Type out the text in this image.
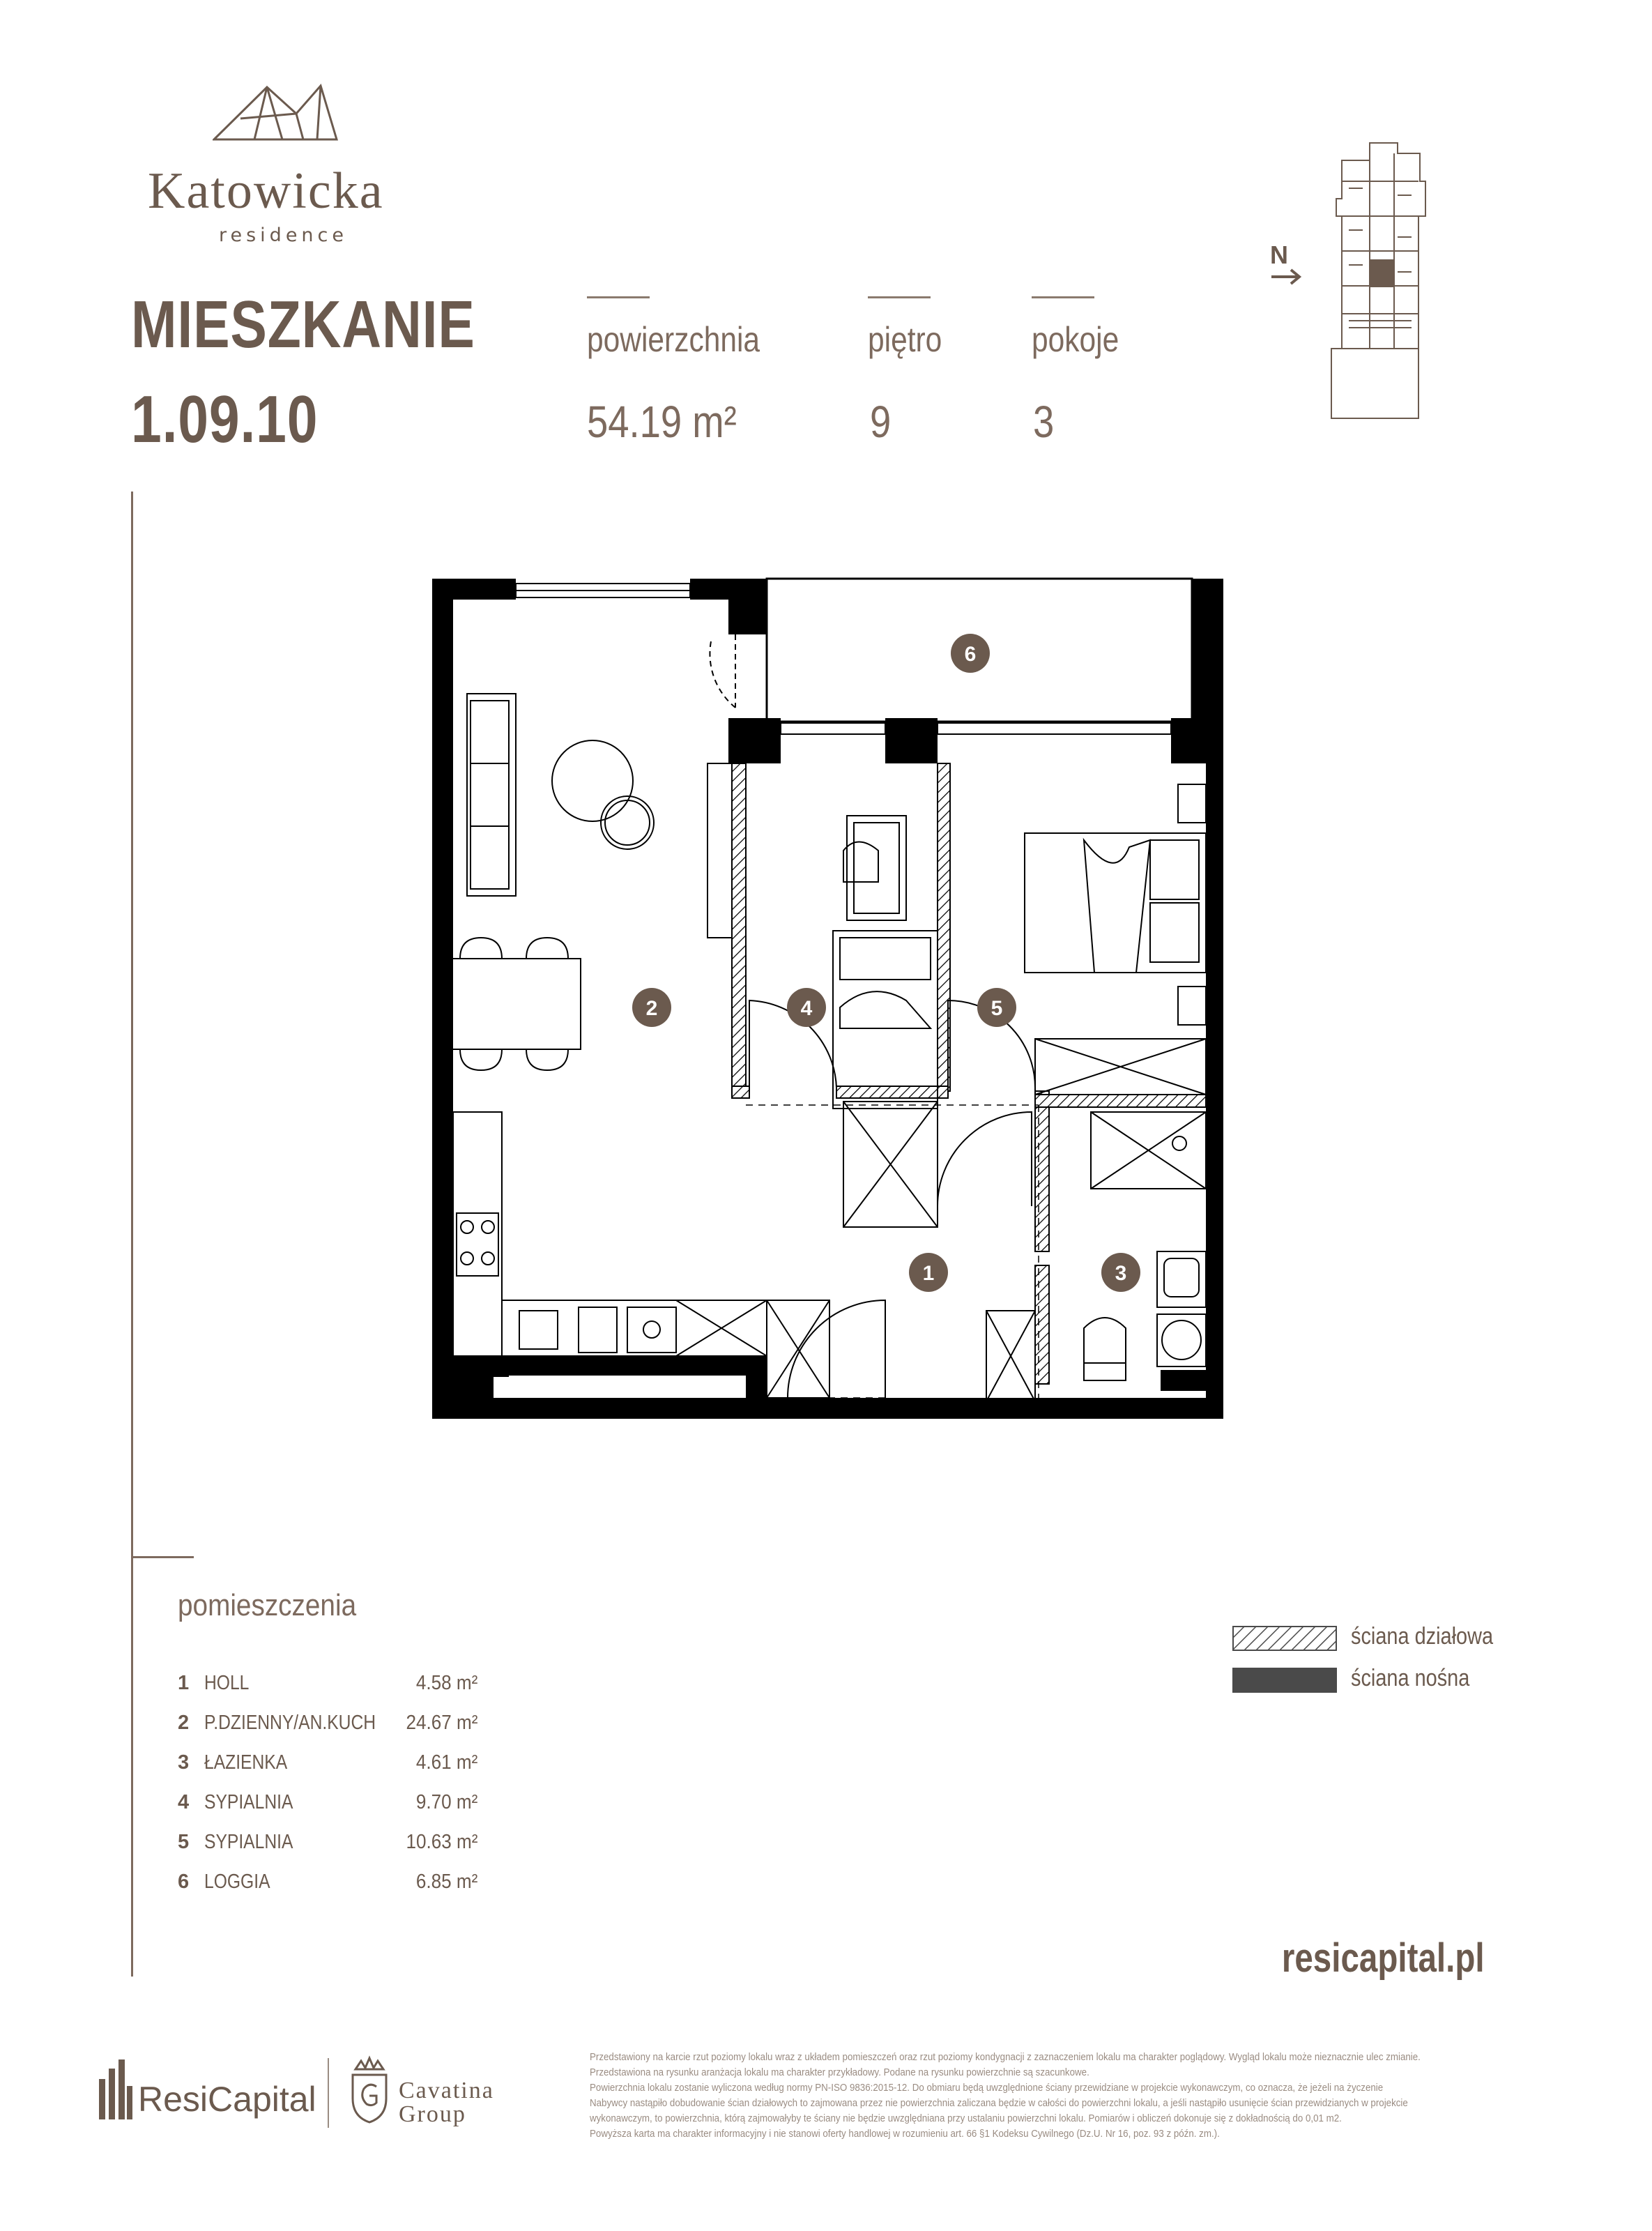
Katowicka
residence
MIESZKANIE
1.09.10
powierzchnia
54.19 m²
piętro
9
pokoje
3
N
1
2
3
4	5
6
pomieszczenia
1 HOLL	4.58 m²
2 P.DZIENNY/AN.KUCH 24.67 m²
3 ŁAZIENKA	4.61 m²
4 SYPIALNIA	9.70 m²
5 SYPIALNIA	10.63 m²
6 LOGGIA	6.85 m²
ściana działowa
ściana nośna
resicapital.pl
ResiCapital	Cavatina
Group
Przedstawiony na karcie rzut poziomy lokalu wraz z układem pomieszczeń oraz rzut poziomy kondygnacji z zaznaczeniem lokalu ma charakter poglądowy. Wygląd lokalu może nieznacznie ulec zmianie.
Przedstawiona na rysunku aranżacja lokalu ma charakter przykładowy. Podane na rysunku powierzchnie są szacunkowe.
Powierzchnia lokalu zostanie wyliczona według normy PN-ISO 9836:2015-12. Do obmiaru będą uwzględnione ściany przewidziane w projekcie wykonawczym, co oznacza, że jeżeli na życzenie
Nabywcy nastąpiło dobudowanie ścian działowych to zajmowana przez nie powierzchnia zaliczana będzie w całości do powierzchni lokalu, a jeśli nastąpiło usunięcie ścian przewidzianych w projekcie
wykonawczym, to powierzchnia, którą zajmowałyby te ściany nie będzie uwzględniana przy ustalaniu powierzchni lokalu. Pomiarów i obliczeń dokonuje się z dokładnością do 0,01 m2.
Powyższa karta ma charakter informacyjny i nie stanowi oferty handlowej w rozumieniu art. 66 §1 Kodeksu Cywilnego (Dz.U. Nr 16, poz. 93 z późn. zm.).
